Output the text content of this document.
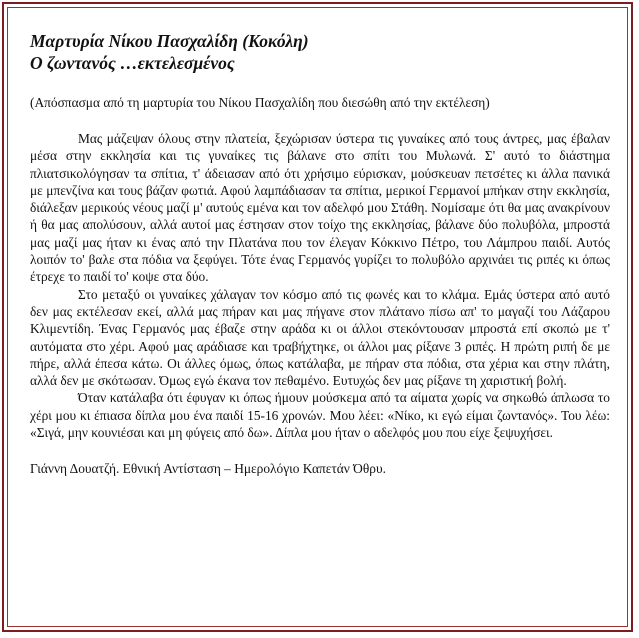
Μαρτυρία Νίκου Πασχαλίδη (Κοκόλη)
Ο ζωντανός …εκτελεσμένος

(Απόσπασμα από τη μαρτυρία του Νίκου Πασχαλίδη που διεσώθη από την εκτέλεση)
Μας μάζεψαν όλους στην πλατεία, ξεχώρισαν ύστερα τις γυναίκες από τους άντρες, μας έβαλαν μέσα στην εκκλησία και τις γυναίκες τις βάλανε στο σπίτι του Μυλωνά. Σ' αυτό το διάστημα πλιατσικολόγησαν τα σπίτια, τ' άδειασαν από ότι χρήσιμο εύρισκαν, μούσκευαν πετσέτες κι άλλα πανικά με μπενζίνα και τους βάζαν φωτιά. Αφού λαμπάδιασαν τα σπίτια, μερικοί Γερμανοί μπήκαν στην εκκλησία, διάλεξαν μερικούς νέους μαζί μ' αυτούς εμένα και τον αδελφό μου Στάθη. Νομίσαμε ότι θα μας ανακρίνουν ή θα μας απολύσουν, αλλά αυτοί μας έστησαν στον τοίχο της εκκλησίας, βάλανε δύο πολυβόλα, μπροστά μας μαζί μας ήταν κι ένας από την Πλατάνα που τον έλεγαν Κόκκινο Πέτρο, του Λάμπρου παιδί. Αυτός λοιπόν το' βαλε στα πόδια να ξεφύγει. Τότε ένας Γερμανός γυρίζει το πολυβόλο αρχινάει τις ριπές κι όπως έτρεχε το παιδί το' κοψε στα δύο.
Στο μεταξύ οι γυναίκες χάλαγαν τον κόσμο από τις φωνές και το κλάμα. Εμάς ύστερα από αυτό δεν μας εκτέλεσαν εκεί, αλλά μας πήραν και μας πήγανε στον πλάτανο πίσω απ' το μαγαζί του Λάζαρου Κλιμεντίδη. Ένας Γερμανός μας έβαζε στην αράδα κι οι άλλοι στεκόντουσαν μπροστά επί σκοπώ με τ' αυτόματα στο χέρι. Αφού μας αράδιασε και τραβήχτηκε, οι άλλοι μας ρίξανε 3 ριπές. Η πρώτη ριπή δε με πήρε, αλλά έπεσα κάτω. Οι άλλες όμως, όπως κατάλαβα, με πήραν στα πόδια, στα χέρια και στην πλάτη, αλλά δεν με σκότωσαν. Όμως εγώ έκανα τον πεθαμένο. Ευτυχώς δεν μας ρίξανε τη χαριστική βολή.
Όταν κατάλαβα ότι έφυγαν κι όπως ήμουν μούσκεμα από τα αίματα χωρίς να σηκωθώ άπλωσα το χέρι μου κι έπιασα δίπλα μου ένα παιδί 15-16 χρονών. Μου λέει: «Νίκο, κι εγώ είμαι ζωντανός». Του λέω: «Σιγά, μην κουνιέσαι και μη φύγεις από δω». Δίπλα μου ήταν ο αδελφός μου που είχε ξεψυχήσει.
Γιάννη Δουατζή. Εθνική Αντίσταση – Ημερολόγιο Καπετάν Όθρυ.
